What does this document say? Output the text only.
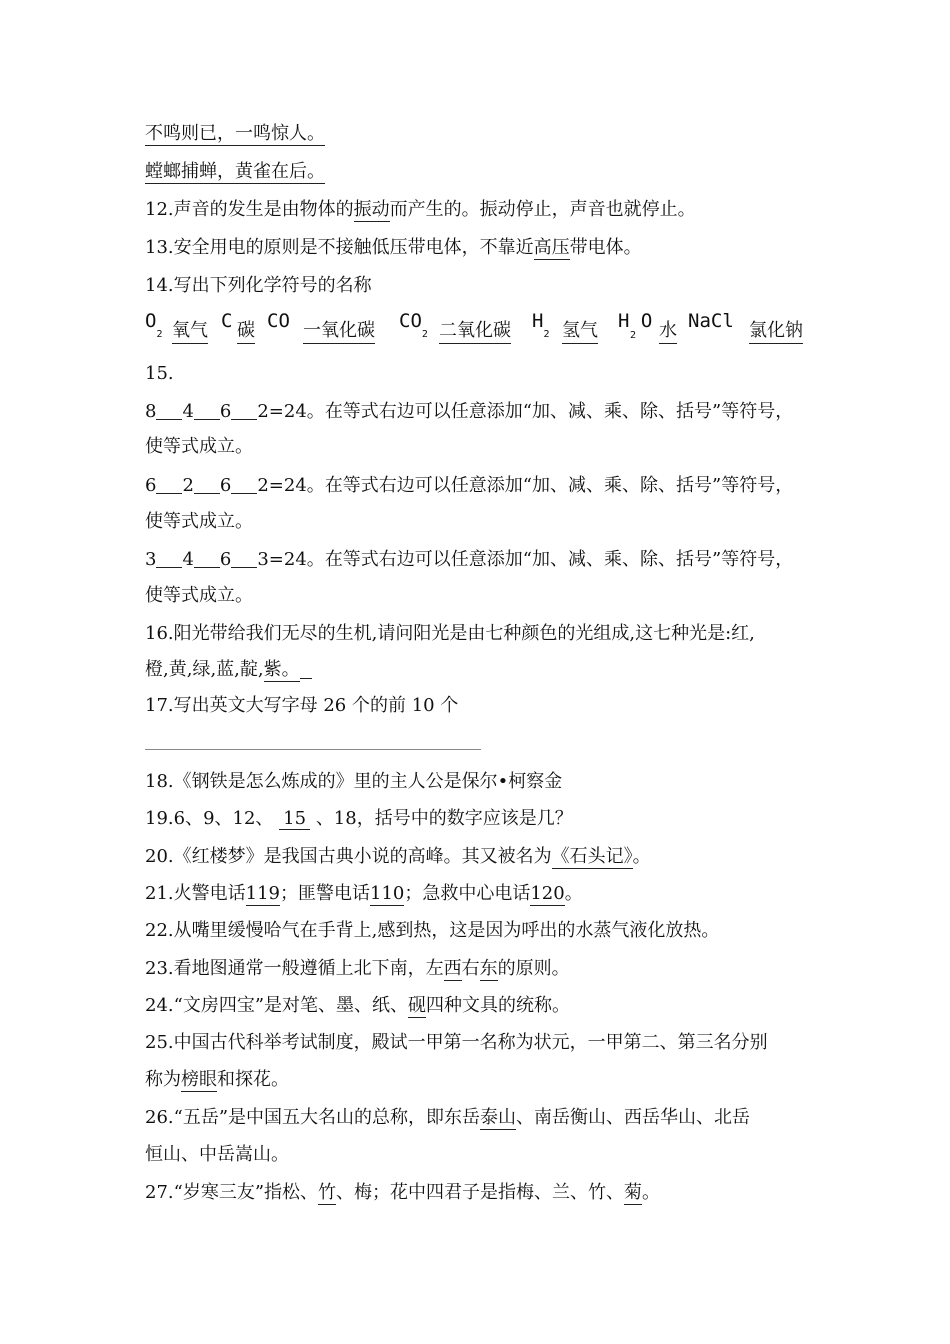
不鸣则已，一鸣惊人。
螳螂捕蝉，黄雀在后。
12.声音的发生是由物体的振动而产生的。振动停止，声音也就停止。
13.安全用电的原则是不接触低压带电体，不靠近高压带电体。
14.写出下列化学符号的名称
$O_2$ 氧气 C 碳 CO 一氧化碳 $CO_2$ 二氧化碳 $H_2$ 氢气 H O
2 水 NaCl 氯化钠
15.
8 4 6 2=24。在等式右边可以任意添加“加、减、乘、除、括号”等符号，
使等式成立。
6 2 6 2=24。在等式右边可以任意添加“加、减、乘、除、括号”等符号，
使等式成立。
3 4 6 3=24。在等式右边可以任意添加“加、减、乘、除、括号”等符号，
使等式成立。
16.阳光带给我们无尽的生机,请问阳光是由七种颜色的光组成,这七种光是:红,
橙,黄,绿,蓝,靛,紫。
17.写出英文大写字母 26 个的前 10 个
18.《钢铁是怎么炼成的》里的主人公是保尔•柯察金
19.6、9、12、 15 、18，括号中的数字应该是几？
20.《红楼梦》是我国古典小说的高峰。其又被名为《石头记》。
21.火警电话119；匪警电话110；急救中心电话120。
22.从嘴里缓慢哈气在手背上,感到热，这是因为呼出的水蒸气液化放热。
23.看地图通常一般遵循上北下南，左西右东的原则。
24.“文房四宝”是对笔、墨、纸、砚四种文具的统称。
25.中国古代科举考试制度，殿试一甲第一名称为状元，一甲第二、第三名分别
称为榜眼和探花。
26.“五岳”是中国五大名山的总称，即东岳泰山、南岳衡山、西岳华山、北岳
恒山、中岳嵩山。
27.“岁寒三友”指松、竹、梅；花中四君子是指梅、兰、竹、菊。
